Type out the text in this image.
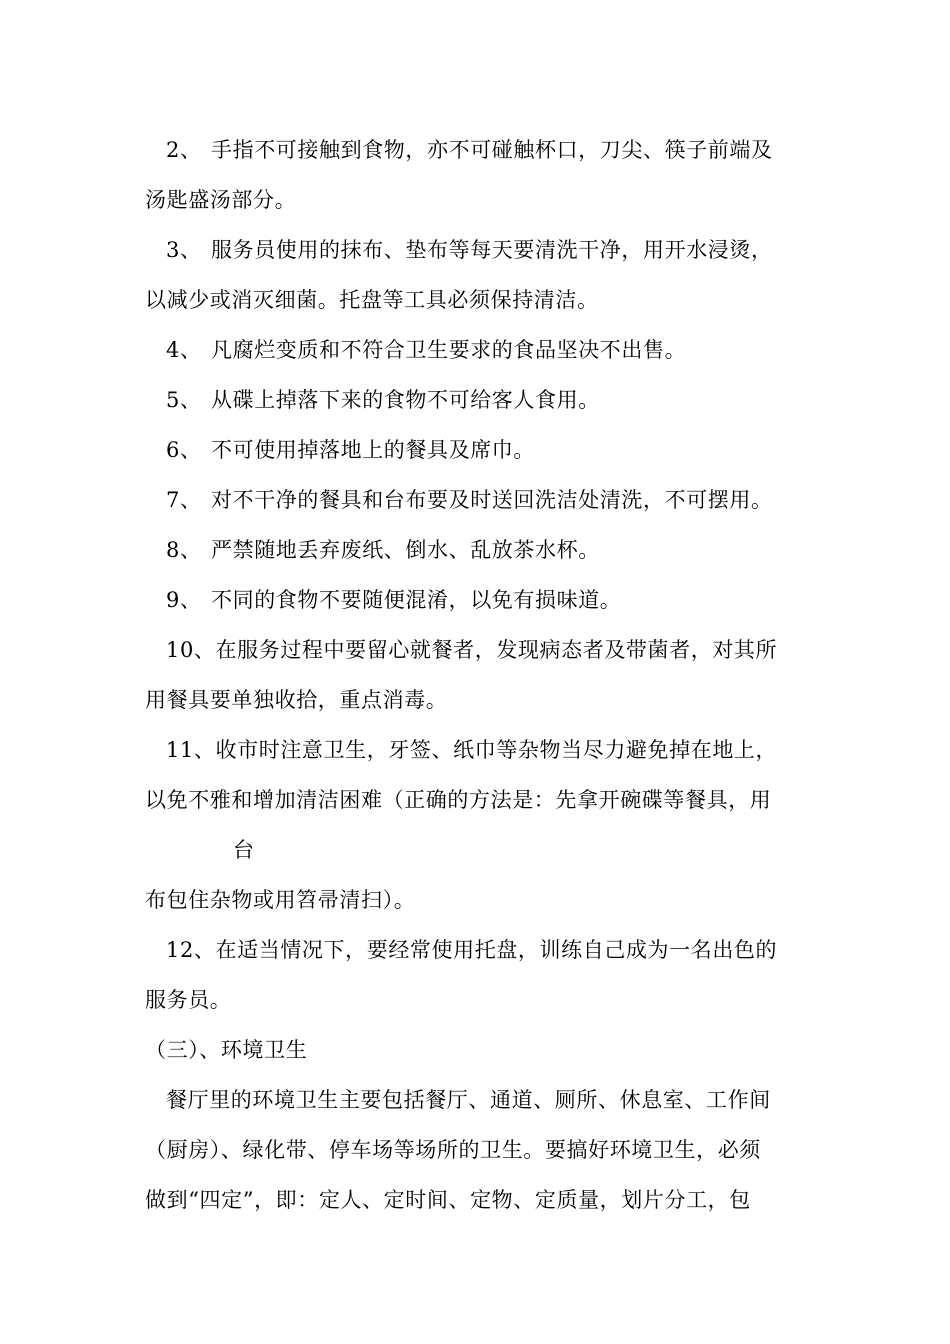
2、 手指不可接触到食物，亦不可碰触杯口，刀尖、筷子前端及
汤匙盛汤部分。
3、 服务员使用的抹布、垫布等每天要清洗干净，用开水浸烫，
以减少或消灭细菌。托盘等工具必须保持清洁。
4、 凡腐烂变质和不符合卫生要求的食品坚决不出售。
5、 从碟上掉落下来的食物不可给客人食用。
6、 不可使用掉落地上的餐具及席巾。
7、 对不干净的餐具和台布要及时送回洗洁处清洗，不可摆用。
8、 严禁随地丢弃废纸、倒水、乱放茶水杯。
9、 不同的食物不要随便混淆，以免有损味道。
10、在服务过程中要留心就餐者，发现病态者及带菌者，对其所
用餐具要单独收拾，重点消毒。
11、收市时注意卫生，牙签、纸巾等杂物当尽力避免掉在地上，
以免不雅和增加清洁困难（正确的方法是：先拿开碗碟等餐具，用
台
布包住杂物或用笤帚清扫）。
12、在适当情况下，要经常使用托盘，训练自己成为一名出色的
服务员。
（三）、环境卫生
餐厅里的环境卫生主要包括餐厅、通道、厕所、休息室、工作间
（厨房）、绿化带、停车场等场所的卫生。要搞好环境卫生，必须
做到“四定”，即：定人、定时间、定物、定质量，划片分工，包
